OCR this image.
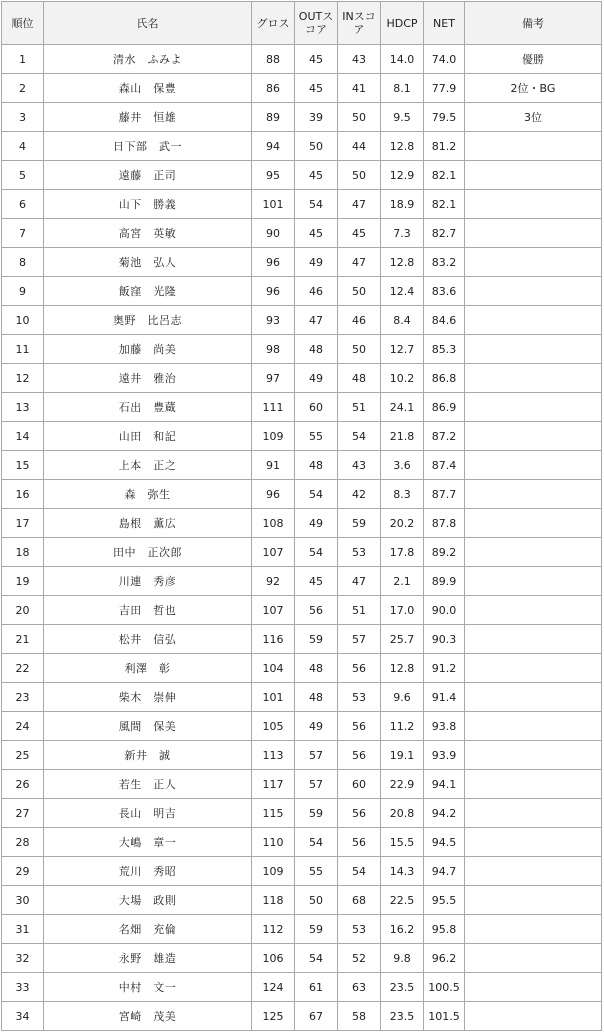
順位	氏名	グロス	OUTスコア	INスコア	HDCP	NET	備考
1	清水　ふみよ	88	45	43	14.0	74.0	優勝
2	森山　保豊	86	45	41	8.1	77.9	2位・BG
3	藤井　恒雄	89	39	50	9.5	79.5	3位
4	日下部　武一	94	50	44	12.8	81.2	
5	遠藤　正司	95	45	50	12.9	82.1	
6	山下　勝義	101	54	47	18.9	82.1	
7	高宮　英敏	90	45	45	7.3	82.7	
8	菊池　弘人	96	49	47	12.8	83.2	
9	飯窪　光隆	96	46	50	12.4	83.6	
10	奥野　比呂志	93	47	46	8.4	84.6	
11	加藤　尚美	98	48	50	12.7	85.3	
12	遠井　雅治	97	49	48	10.2	86.8	
13	石出　豊蔵	111	60	51	24.1	86.9	
14	山田　和記	109	55	54	21.8	87.2	
15	上本　正之	91	48	43	3.6	87.4	
16	森　弥生	96	54	42	8.3	87.7	
17	島根　薫広	108	49	59	20.2	87.8	
18	田中　正次郎	107	54	53	17.8	89.2	
19	川連　秀彦	92	45	47	2.1	89.9	
20	吉田　哲也	107	56	51	17.0	90.0	
21	松井　信弘	116	59	57	25.7	90.3	
22	利澤　彰	104	48	56	12.8	91.2	
23	柴木　崇伸	101	48	53	9.6	91.4	
24	風間　保美	105	49	56	11.2	93.8	
25	新井　誠	113	57	56	19.1	93.9	
26	若生　正人	117	57	60	22.9	94.1	
27	長山　明吉	115	59	56	20.8	94.2	
28	大嶋　章一	110	54	56	15.5	94.5	
29	荒川　秀昭	109	55	54	14.3	94.7	
30	大場　政則	118	50	68	22.5	95.5	
31	名畑　充倫	112	59	53	16.2	95.8	
32	永野　雄造	106	54	52	9.8	96.2	
33	中村　文一	124	61	63	23.5	100.5	
34	宮崎　茂美	125	67	58	23.5	101.5	
